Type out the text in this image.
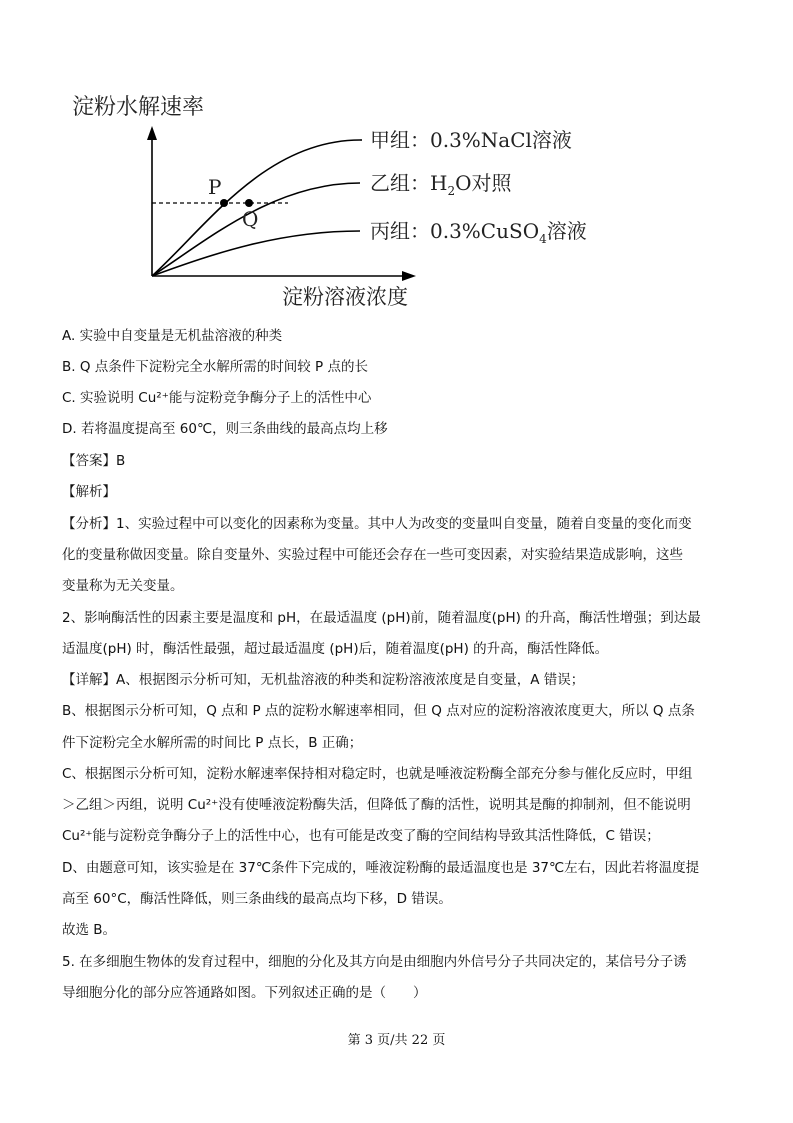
淀粉水解速率
淀粉溶液浓度
P
Q
甲组：0.3%NaCl溶液
乙组：$H_2O$对照
丙组：0.3%CuSO$_4$溶液
A. 实验中自变量是无机盐溶液的种类
B. Q 点条件下淀粉完全水解所需的时间较 P 点的长
C. 实验说明 Cu²⁺能与淀粉竞争酶分子上的活性中心
D. 若将温度提高至 60℃，则三条曲线的最高点均上移
【答案】B
【解析】
【分析】1、实验过程中可以变化的因素称为变量。其中人为改变的变量叫自变量，随着自变量的变化而变
化的变量称做因变量。除自变量外、实验过程中可能还会存在一些可变因素，对实验结果造成影响，这些
变量称为无关变量。
2、影响酶活性的因素主要是温度和 pH，在最适温度 (pH)前，随着温度(pH) 的升高，酶活性增强；到达最
适温度(pH) 时，酶活性最强，超过最适温度 (pH)后，随着温度(pH) 的升高，酶活性降低。
【详解】A、根据图示分析可知，无机盐溶液的种类和淀粉溶液浓度是自变量，A 错误；
B、根据图示分析可知，Q 点和 P 点的淀粉水解速率相同，但 Q 点对应的淀粉溶液浓度更大，所以 Q 点条
件下淀粉完全水解所需的时间比 P 点长，B 正确；
C、根据图示分析可知，淀粉水解速率保持相对稳定时，也就是唾液淀粉酶全部充分参与催化反应时，甲组
＞乙组＞丙组，说明 Cu²⁺没有使唾液淀粉酶失活，但降低了酶的活性，说明其是酶的抑制剂，但不能说明
Cu²⁺能与淀粉竞争酶分子上的活性中心，也有可能是改变了酶的空间结构导致其活性降低，C 错误；
D、由题意可知，该实验是在 37℃条件下完成的，唾液淀粉酶的最适温度也是 37℃左右，因此若将温度提
高至 60°C，酶活性降低，则三条曲线的最高点均下移，D 错误。
故选 B。
5. 在多细胞生物体的发育过程中，细胞的分化及其方向是由细胞内外信号分子共同决定的，某信号分子诱
导细胞分化的部分应答通路如图。下列叙述正确的是（　　）
第 3 页/共 22 页
